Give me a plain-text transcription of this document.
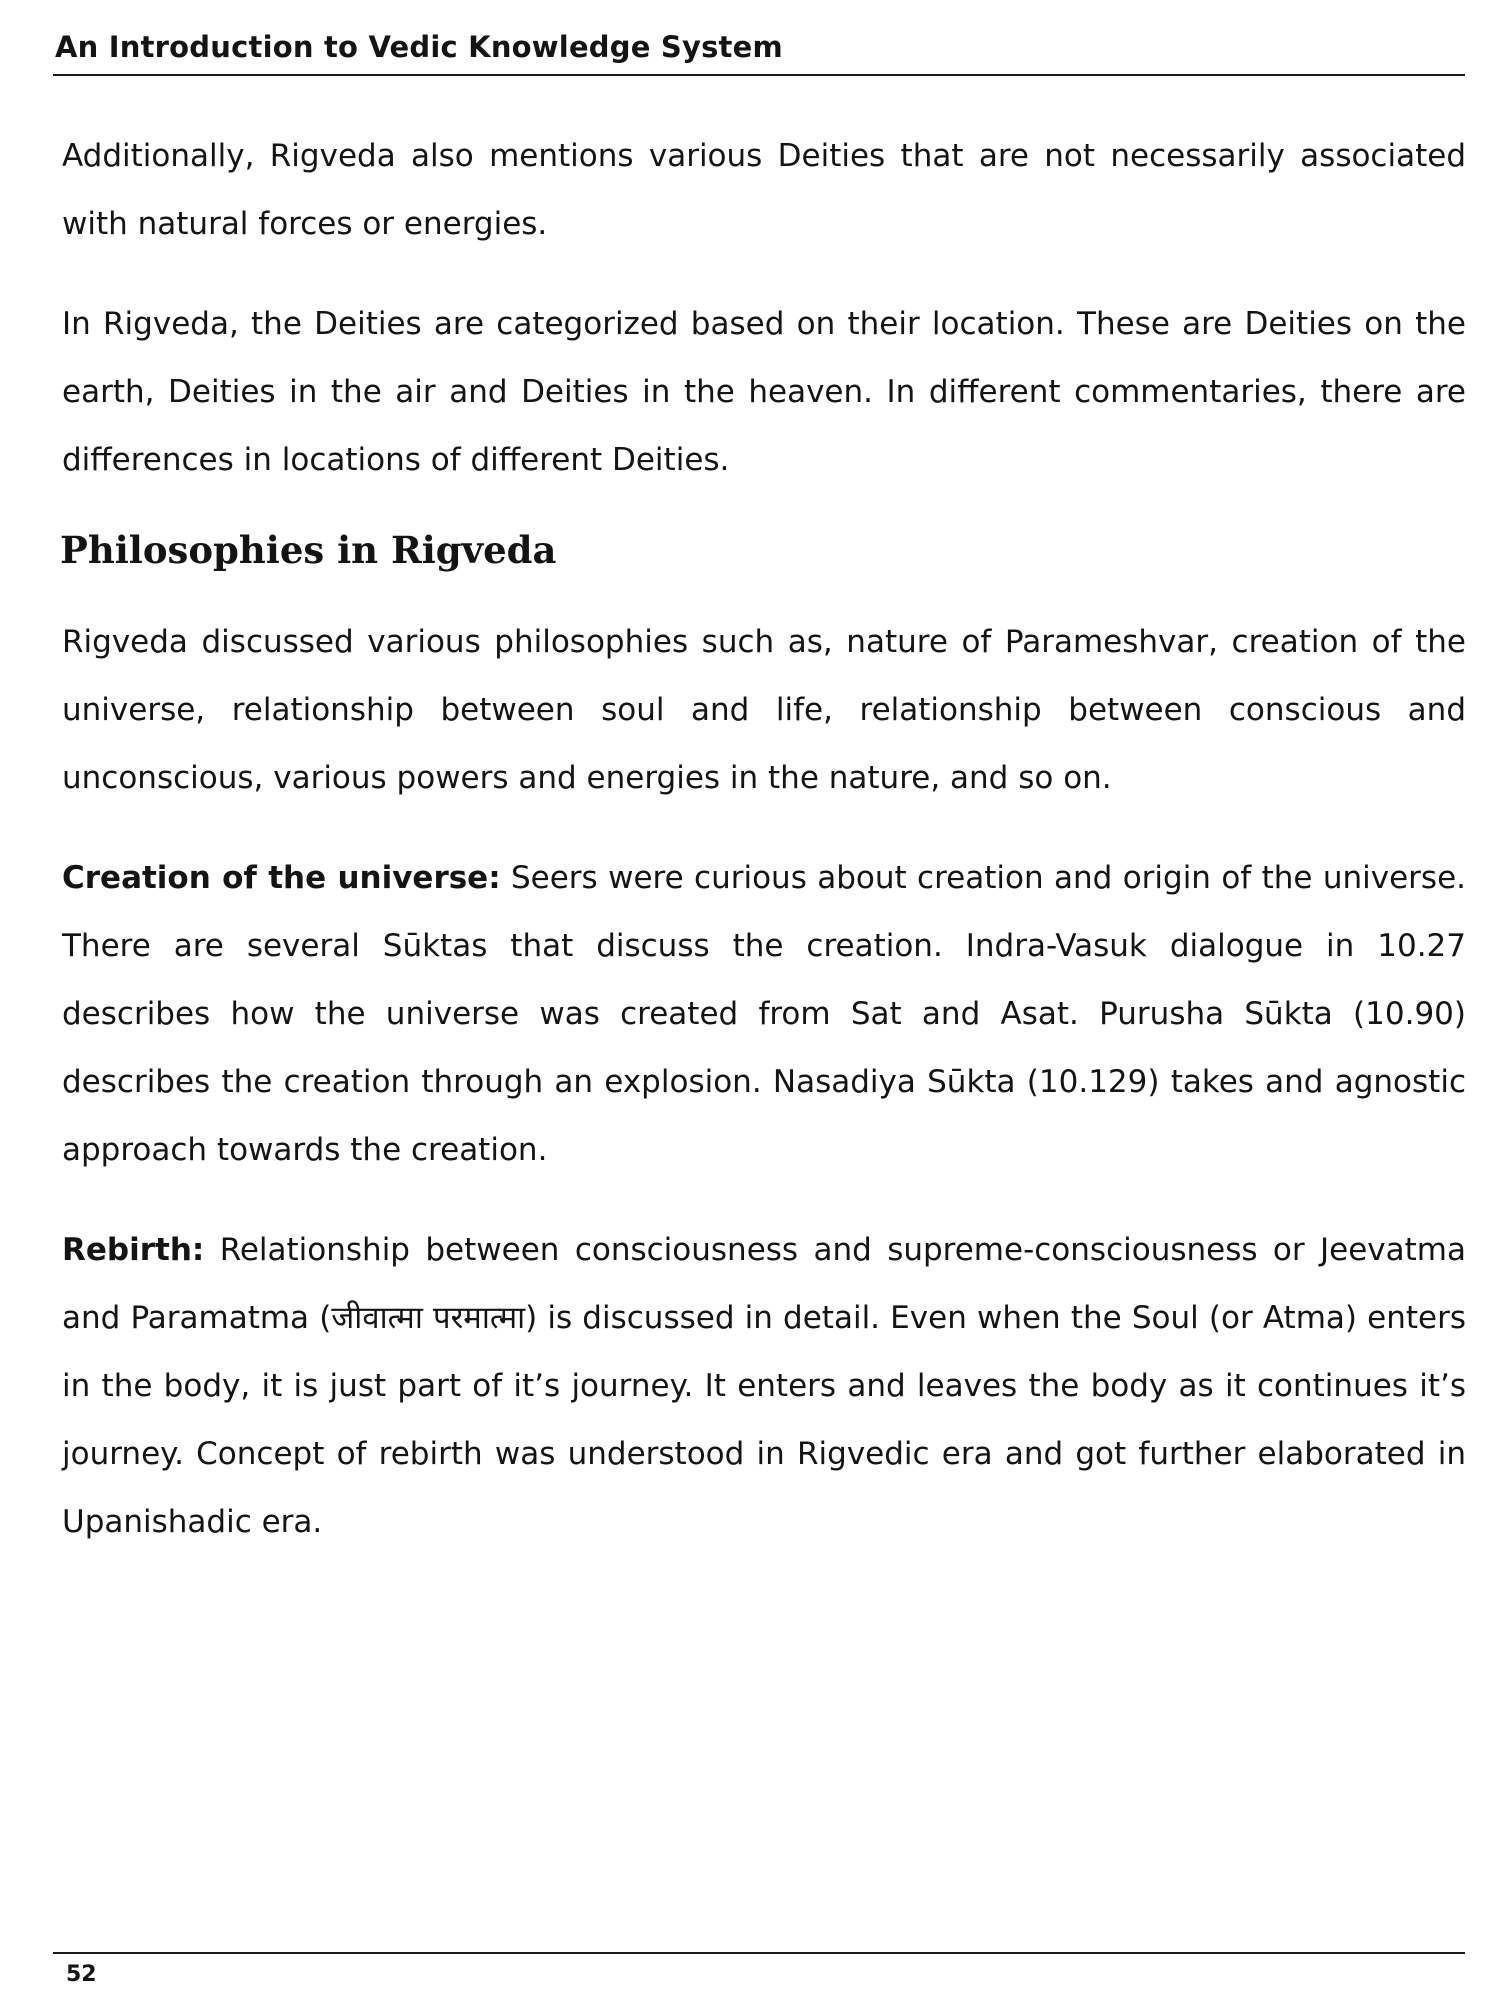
An Introduction to Vedic Knowledge System

Additionally, Rigveda also mentions various Deities that are not necessarily associated with natural forces or energies.

In Rigveda, the Deities are categorized based on their location. These are Deities on the earth, Deities in the air and Deities in the heaven. In different commentaries, there are differences in locations of different Deities.

Philosophies in Rigveda

Rigveda discussed various philosophies such as, nature of Parameshvar, creation of the universe, relationship between soul and life, relationship between conscious and unconscious, various powers and energies in the nature, and so on.

Creation of the universe: Seers were curious about creation and origin of the universe. There are several Sūktas that discuss the creation. Indra-Vasuk dialogue in 10.27 describes how the universe was created from Sat and Asat. Purusha Sūkta (10.90) describes the creation through an explosion. Nasadiya Sūkta (10.129) takes and agnostic approach towards the creation.

Rebirth: Relationship between consciousness and supreme-consciousness or Jeevatma and Paramatma (जीवात्मा परमात्मा) is discussed in detail. Even when the Soul (or Atma) enters in the body, it is just part of it’s journey. It enters and leaves the body as it continues it’s journey. Concept of rebirth was understood in Rigvedic era and got further elaborated in Upanishadic era.

52
